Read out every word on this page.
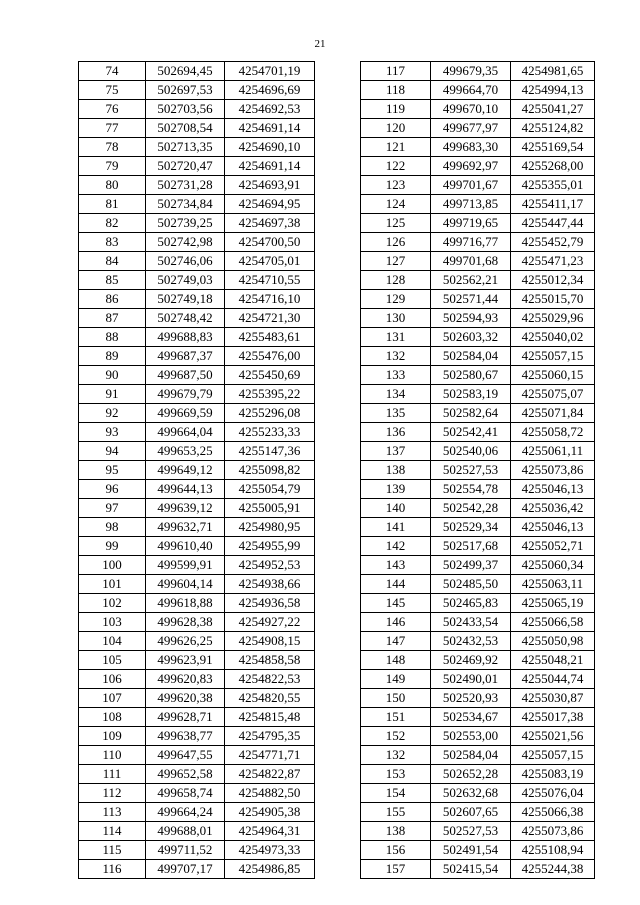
21
74	502694,45	4254701,19
75	502697,53	4254696,69
76	502703,56	4254692,53
77	502708,54	4254691,14
78	502713,35	4254690,10
79	502720,47	4254691,14
80	502731,28	4254693,91
81	502734,84	4254694,95
82	502739,25	4254697,38
83	502742,98	4254700,50
84	502746,06	4254705,01
85	502749,03	4254710,55
86	502749,18	4254716,10
87	502748,42	4254721,30
88	499688,83	4255483,61
89	499687,37	4255476,00
90	499687,50	4255450,69
91	499679,79	4255395,22
92	499669,59	4255296,08
93	499664,04	4255233,33
94	499653,25	4255147,36
95	499649,12	4255098,82
96	499644,13	4255054,79
97	499639,12	4255005,91
98	499632,71	4254980,95
99	499610,40	4254955,99
100	499599,91	4254952,53
101	499604,14	4254938,66
102	499618,88	4254936,58
103	499628,38	4254927,22
104	499626,25	4254908,15
105	499623,91	4254858,58
106	499620,83	4254822,53
107	499620,38	4254820,55
108	499628,71	4254815,48
109	499638,77	4254795,35
110	499647,55	4254771,71
111	499652,58	4254822,87
112	499658,74	4254882,50
113	499664,24	4254905,38
114	499688,01	4254964,31
115	499711,52	4254973,33
116	499707,17	4254986,85
117	499679,35	4254981,65
118	499664,70	4254994,13
119	499670,10	4255041,27
120	499677,97	4255124,82
121	499683,30	4255169,54
122	499692,97	4255268,00
123	499701,67	4255355,01
124	499713,85	4255411,17
125	499719,65	4255447,44
126	499716,77	4255452,79
127	499701,68	4255471,23
128	502562,21	4255012,34
129	502571,44	4255015,70
130	502594,93	4255029,96
131	502603,32	4255040,02
132	502584,04	4255057,15
133	502580,67	4255060,15
134	502583,19	4255075,07
135	502582,64	4255071,84
136	502542,41	4255058,72
137	502540,06	4255061,11
138	502527,53	4255073,86
139	502554,78	4255046,13
140	502542,28	4255036,42
141	502529,34	4255046,13
142	502517,68	4255052,71
143	502499,37	4255060,34
144	502485,50	4255063,11
145	502465,83	4255065,19
146	502433,54	4255066,58
147	502432,53	4255050,98
148	502469,92	4255048,21
149	502490,01	4255044,74
150	502520,93	4255030,87
151	502534,67	4255017,38
152	502553,00	4255021,56
132	502584,04	4255057,15
153	502652,28	4255083,19
154	502632,68	4255076,04
155	502607,65	4255066,38
138	502527,53	4255073,86
156	502491,54	4255108,94
157	502415,54	4255244,38
